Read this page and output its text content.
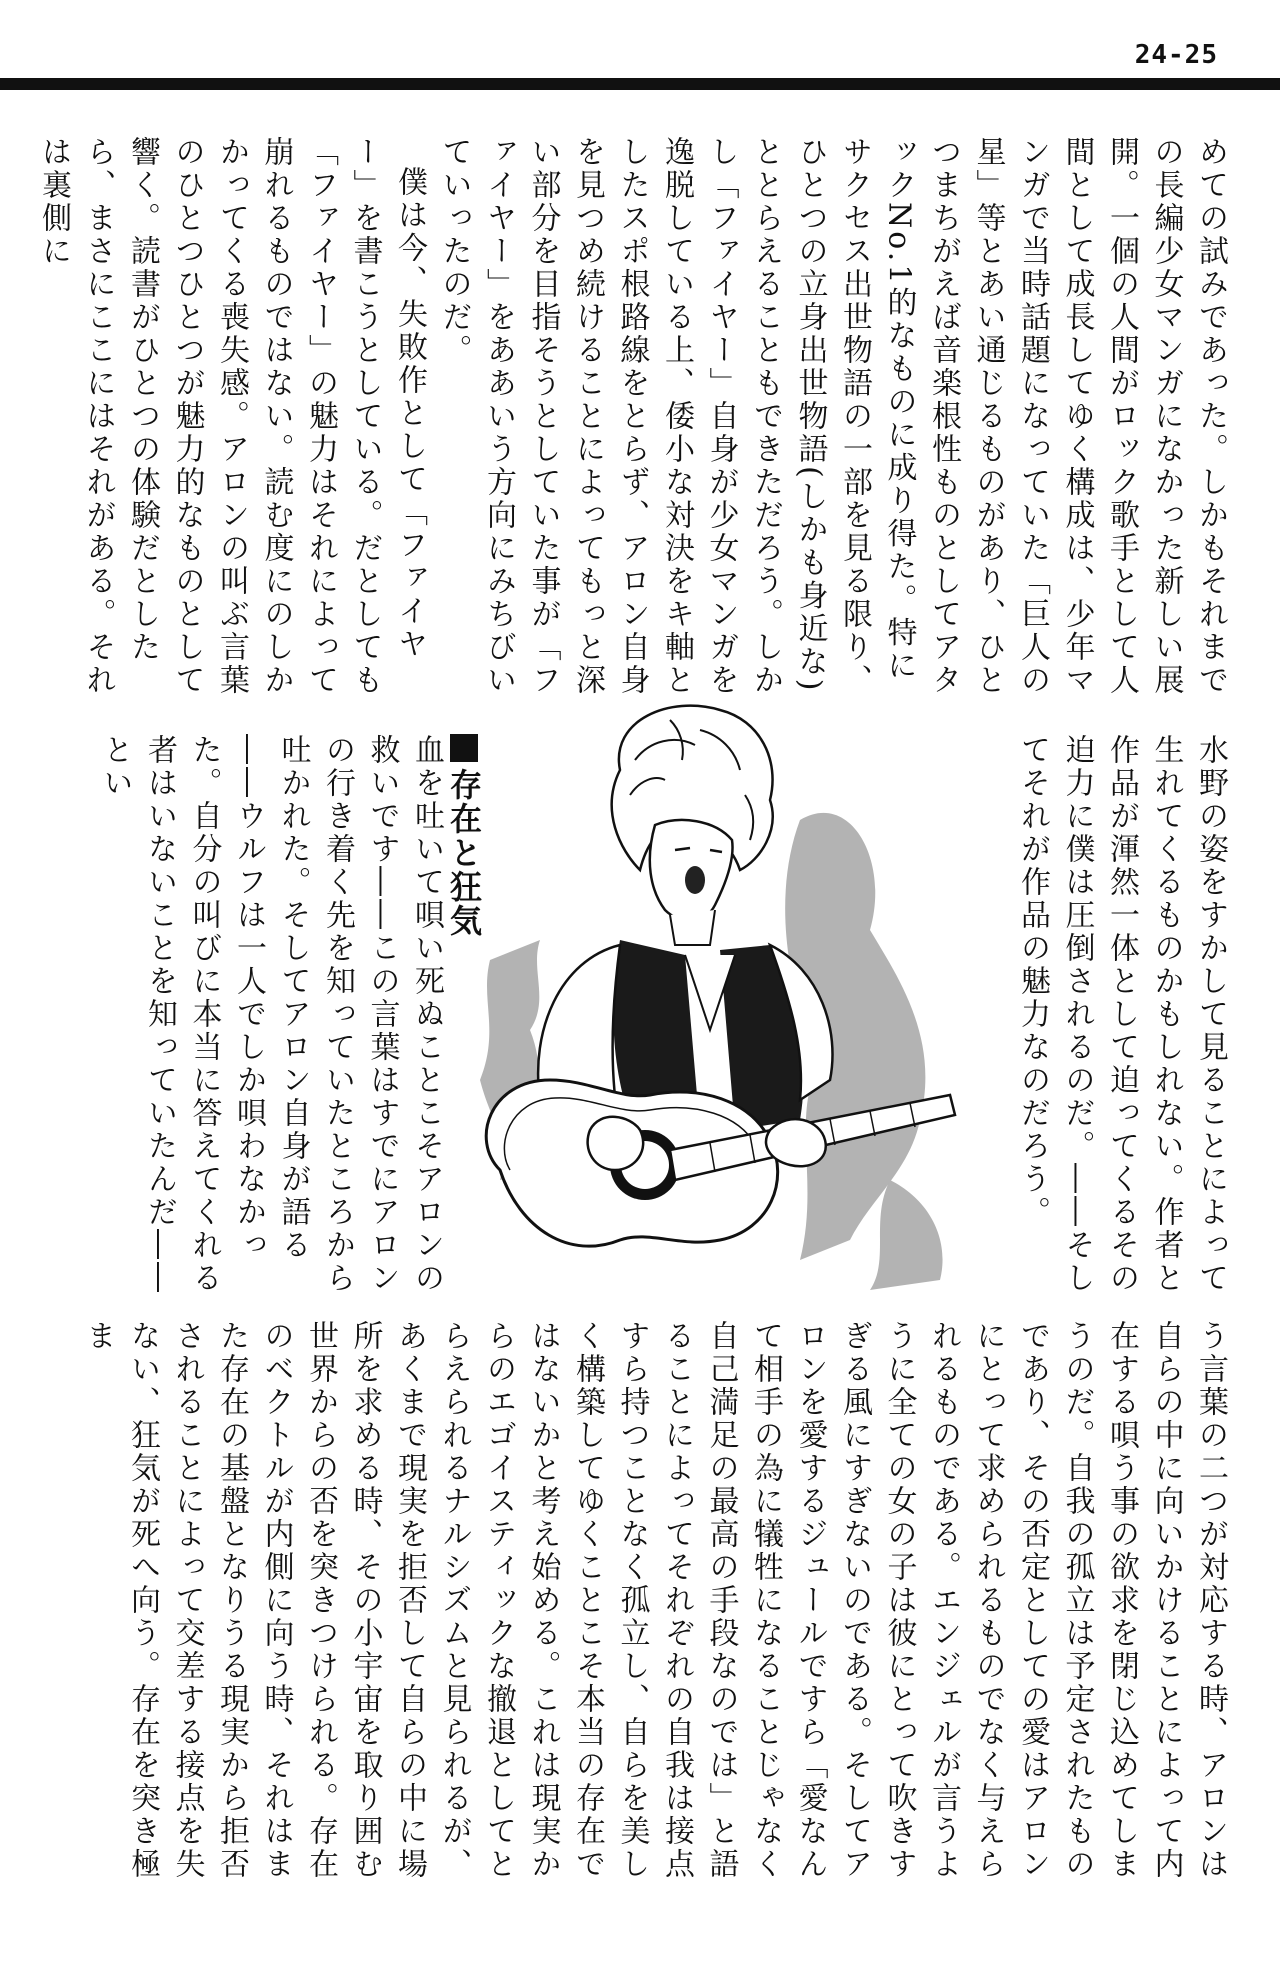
24-25

めての試みであった。しかもそれまでの長編少女マンガになかった新しい展開。一個の人間がロック歌手として人間として成長してゆく構成は、少年マンガで当時話題になっていた「巨人の星」等とあい通じるものがあり、ひとつまちがえば音楽根性ものとしてアタックNo.1的なものに成り得た。特にサクセス出世物語の一部を見る限り、ひとつの立身出世物語(しかも身近な)ととらえることもできただろう。しかし「ファイヤー」自身が少女マンガを逸脱している上、倭小な対決をキ軸としたスポ根路線をとらず、アロン自身を見つめ続けることによってもっと深い部分を目指そうとしていた事が「ファイヤー」をああいう方向にみちびいていったのだ。

僕は今、失敗作として「ファイヤー」を書こうとしている。だとしても「ファイヤー」の魅力はそれによって崩れるものではない。読む度にのしかかってくる喪失感。アロンの叫ぶ言葉のひとつひとつが魅力的なものとして響く。読書がひとつの体験だとしたら、まさにここにはそれがある。それは裏側に

水野の姿をすかして見ることによって生れてくるものかもしれない。作者と作品が渾然一体として迫ってくるその迫力に僕は圧倒されるのだ。――そしてそれが作品の魅力なのだろう。

存在と狂気

血を吐いて唄い死ぬことこそアロンの救いです――この言葉はすでにアロンの行き着く先を知っていたところから吐かれた。そしてアロン自身が語る――ウルフは一人でしか唄わなかった。自分の叫びに本当に答えてくれる者はいないことを知っていたんだ――とい

う言葉の二つが対応する時、アロンは自らの中に向いかけることによって内在する唄う事の欲求を閉じ込めてしまうのだ。自我の孤立は予定されたものであり、その否定としての愛はアロンにとって求められるものでなく与えられるものである。エンジェルが言うように全ての女の子は彼にとって吹きすぎる風にすぎないのである。そしてアロンを愛するジュールですら「愛なんて相手の為に犠牲になることじゃなく自己満足の最高の手段なのでは」と語ることによってそれぞれの自我は接点すら持つことなく孤立し、自らを美しく構築してゆくことこそ本当の存在ではないかと考え始める。これは現実からのエゴイスティックな撤退としてとらえられるナルシズムと見られるが、あくまで現実を拒否して自らの中に場所を求める時、その小宇宙を取り囲む世界からの否を突きつけられる。存在のベクトルが内側に向う時、それはまた存在の基盤となりうる現実から拒否されることによって交差する接点を失ない、狂気が死へ向う。存在を突き極ま
